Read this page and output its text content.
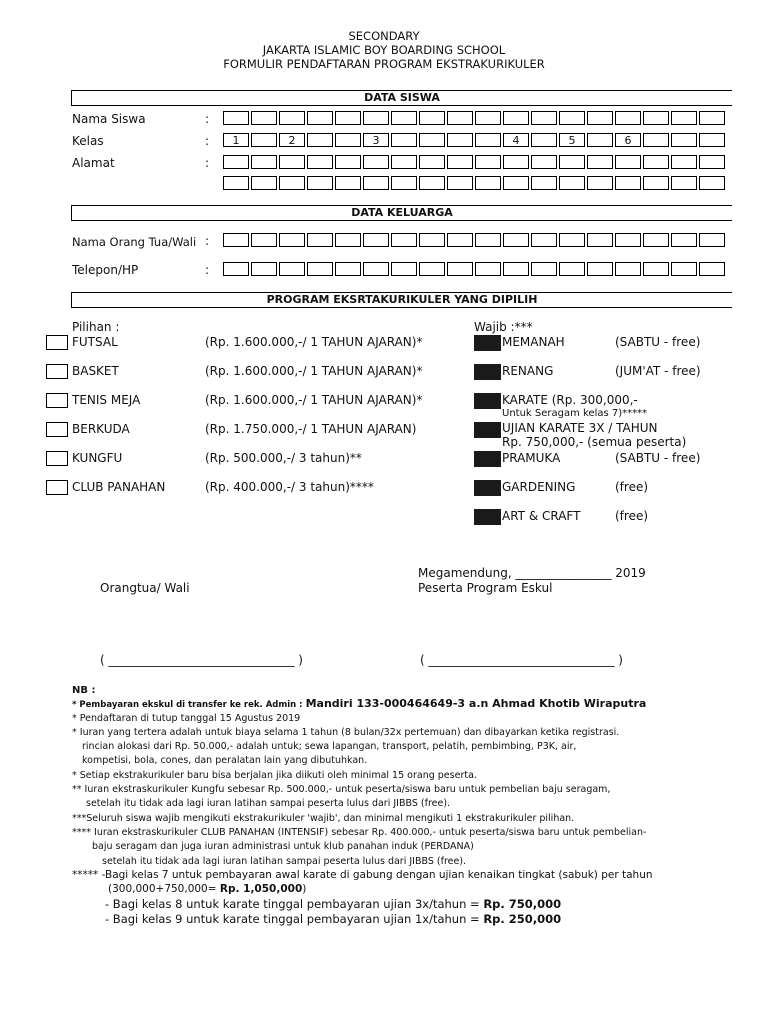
SECONDARY
JAKARTA ISLAMIC BOY BOARDING SCHOOL
FORMULIR PENDAFTARAN PROGRAM EKSTRAKURIKULER
DATA SISWA
Nama Siswa	:
Kelas	:	1	2	3	4	5	6
Alamat	:
DATA KELUARGA
Nama Orang Tua/Wali :
Telepon/HP	:
PROGRAM EKSRTAKURIKULER YANG DIPILIH
Pilihan :	Wajib :***
FUTSAL	(Rp. 1.600.000,-/ 1 TAHUN AJARAN)*
BASKET	(Rp. 1.600.000,-/ 1 TAHUN AJARAN)*
TENIS MEJA	(Rp. 1.600.000,-/ 1 TAHUN AJARAN)*
BERKUDA	(Rp. 1.750.000,-/ 1 TAHUN AJARAN)
KUNGFU	(Rp. 500.000,-/ 3 tahun)**
CLUB PANAHAN	(Rp. 400.000,-/ 3 tahun)****
MEMANAH	(SABTU - free)
RENANG	(JUM'AT - free)
KARATE (Rp. 300,000,-
Untuk Seragam kelas 7)*****
UJIAN KARATE 3X / TAHUN
Rp. 750,000,- (semua peserta)
PRAMUKA	(SABTU - free)
GARDENING	(free)
ART & CRAFT	(free)
Megamendung, ________________ 2019
Peserta Program Eskul
Orangtua/ Wali
( _______________________________ )	( _______________________________ )
NB :
* Pembayaran ekskul di transfer ke rek. Admin : Mandiri 133-000464649-3 a.n Ahmad Khotib Wiraputra
* Pendaftaran di tutup tanggal 15 Agustus 2019
* Iuran yang tertera adalah untuk biaya selama 1 tahun (8 bulan/32x pertemuan) dan dibayarkan ketika registrasi.
rincian alokasi dari Rp. 50.000,- adalah untuk; sewa lapangan, transport, pelatih, pembimbing, P3K, air,
kompetisi, bola, cones, dan peralatan lain yang dibutuhkan.
* Setiap ekstrakurikuler baru bisa berjalan jika diikuti oleh minimal 15 orang peserta.
** Iuran ekstraskurikuler Kungfu sebesar Rp. 500.000,- untuk peserta/siswa baru untuk pembelian baju seragam,
setelah itu tidak ada lagi iuran latihan sampai peserta lulus dari JIBBS (free).
***Seluruh siswa wajib mengikuti ekstrakurikuler 'wajib', dan minimal mengikuti 1 ekstrakurikuler pilihan.
**** Iuran ekstraskurikuler CLUB PANAHAN (INTENSIF) sebesar Rp. 400.000,- untuk peserta/siswa baru untuk pembelian-
baju seragam dan juga iuran administrasi untuk klub panahan induk (PERDANA)
setelah itu tidak ada lagi iuran latihan sampai peserta lulus dari JIBBS (free).
***** -Bagi kelas 7 untuk pembayaran awal karate di gabung dengan ujian kenaikan tingkat (sabuk) per tahun
(300,000+750,000= Rp. 1,050,000)
- Bagi kelas 8 untuk karate tinggal pembayaran ujian 3x/tahun = Rp. 750,000
- Bagi kelas 9 untuk karate tinggal pembayaran ujian 1x/tahun = Rp. 250,000
